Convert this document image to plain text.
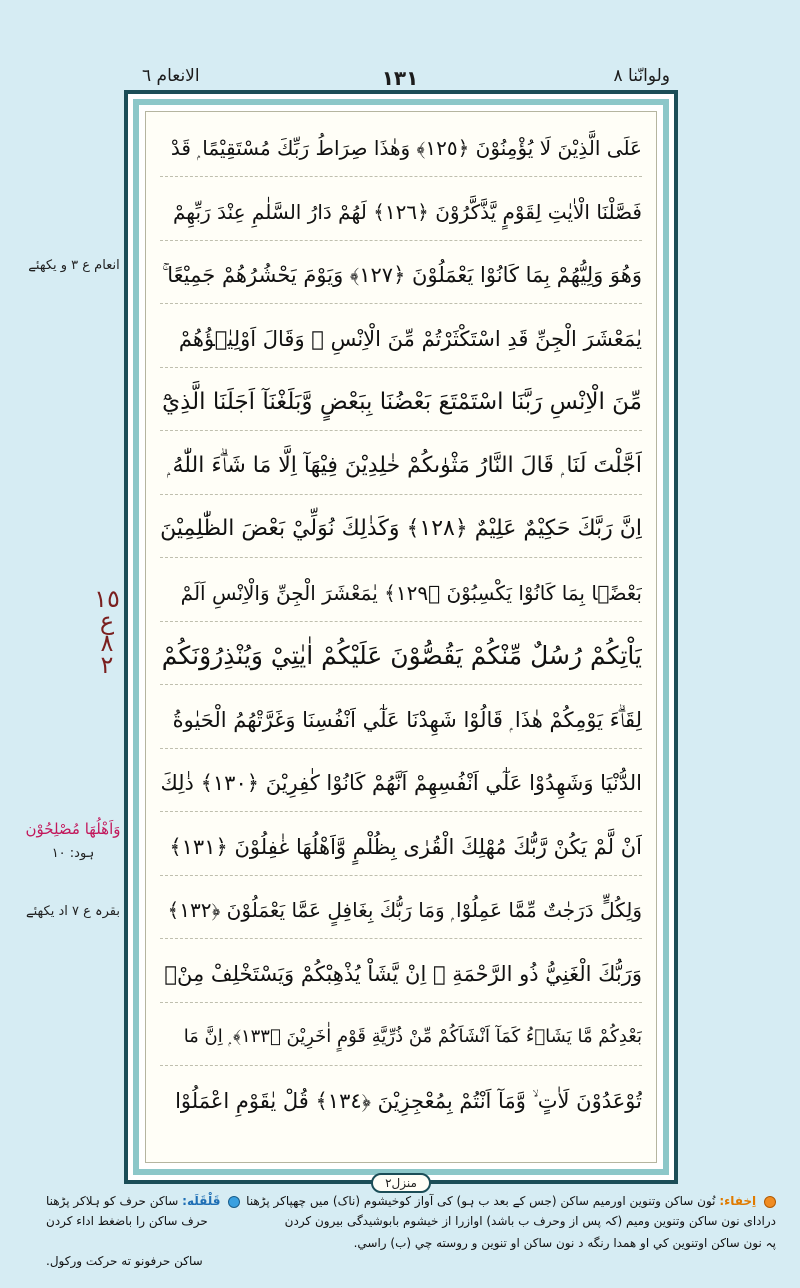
ولوانّنا ٨
١٣١
الانعام ٦
عَلَى الَّذِيْنَ لَا يُؤْمِنُوْنَ ﴿١٢٥﴾ وَهٰذَا صِرَاطُ رَبِّكَ مُسْتَقِيْمًا ۭ قَدْ
فَصَّلْنَا الْاٰيٰتِ لِقَوْمٍ يَّذَّكَّرُوْنَ ﴿١٢٦﴾ لَهُمْ دَارُ السَّلٰمِ عِنْدَ رَبِّهِمْ
وَهُوَ وَلِيُّهُمْ بِمَا كَانُوْا يَعْمَلُوْنَ ﴿١٢٧﴾ وَيَوْمَ يَحْشُرُهُمْ جَمِيْعًا ۚ
يٰمَعْشَرَ الْجِنِّ قَدِ اسْتَكْثَرْتُمْ مِّنَ الْاِنْسِ ۚ وَقَالَ اَوْلِيٰۗؤُهُمْ
مِّنَ الْاِنْسِ رَبَّنَا اسْتَمْتَعَ بَعْضُنَا بِبَعْضٍ وَّبَلَغْنَآ اَجَلَنَا الَّذِيْٓ
اَجَّلْتَ لَنَا ۭ قَالَ النَّارُ مَثْوٰىكُمْ خٰلِدِيْنَ فِيْهَآ اِلَّا مَا شَاۗءَ اللّٰهُ ۭ
اِنَّ رَبَّكَ حَكِيْمٌ عَلِيْمٌ ﴿١٢٨﴾ وَكَذٰلِكَ نُوَلِّيْ بَعْضَ الظّٰلِمِيْنَ
بَعْضًۢا بِمَا كَانُوْا يَكْسِبُوْنَ ﴿١٢٩﴾ يٰمَعْشَرَ الْجِنِّ وَالْاِنْسِ اَلَمْ
يَاْتِكُمْ رُسُلٌ مِّنْكُمْ يَقُصُّوْنَ عَلَيْكُمْ اٰيٰتِيْ وَيُنْذِرُوْنَكُمْ
لِقَاۗءَ يَوْمِكُمْ هٰذَا ۭ قَالُوْا شَهِدْنَا عَلٰٓي اَنْفُسِنَا وَغَرَّتْهُمُ الْحَيٰوةُ
الدُّنْيَا وَشَهِدُوْا عَلٰٓي اَنْفُسِهِمْ اَنَّهُمْ كَانُوْا كٰفِرِيْنَ ﴿١٣٠﴾ ذٰلِكَ
اَنْ لَّمْ يَكُنْ رَّبُّكَ مُهْلِكَ الْقُرٰى بِظُلْمٍ وَّاَهْلُهَا غٰفِلُوْنَ ﴿١٣١﴾
وَلِكُلٍّ دَرَجٰتٌ مِّمَّا عَمِلُوْا ۭ وَمَا رَبُّكَ بِغَافِلٍ عَمَّا يَعْمَلُوْنَ ﴿١٣٢﴾
وَرَبُّكَ الْغَنِيُّ ذُو الرَّحْمَةِ ۭ اِنْ يَّشَاْ يُذْهِبْكُمْ وَيَسْتَخْلِفْ مِنْۢ
بَعْدِكُمْ مَّا يَشَاۗءُ كَمَآ اَنْشَاَكُمْ مِّنْ ذُرِّيَّةِ قَوْمٍ اٰخَرِيْنَ ﴿١٣٣﴾ ۭ اِنَّ مَا
تُوْعَدُوْنَ لَاٰتٍ ۙ وَّمَآ اَنْتُمْ بِمُعْجِزِيْنَ ﴿١٣٤﴾ قُلْ يٰقَوْمِ اعْمَلُوْا
منزل۲
انعام ع ۳ و یکھئے
١٥ ع ٨ ٢
وَاَهْلُهَا مُصْلِحُوْن
ہود: ۱۰
بقرہ ع ۷ اد یکھئے
اِخفاء: نُون ساکن وتنوین اورمیم ساکن (جس کے بعد ب ہو) کی آواز کوخیشوم (ناک) میں چھپاکر پڑھنا
قَلْقَلَه: ساکن حرف کو ہلاکر پڑھنا
درادای نون ساکن وتنوین ومیم (کہ پس از وحرف ب باشد) اوازرا از خیشوم بابوشیدگی بیرون کردن
حرف ساکن را باضغط اداء کردن
پہ نون ساکن اوتنوین کي او همدا رنگه د نون ساکن او تنوین و روسته چي (ب) راسي.
ساکن حرفونو ته حرکت ورکول.
